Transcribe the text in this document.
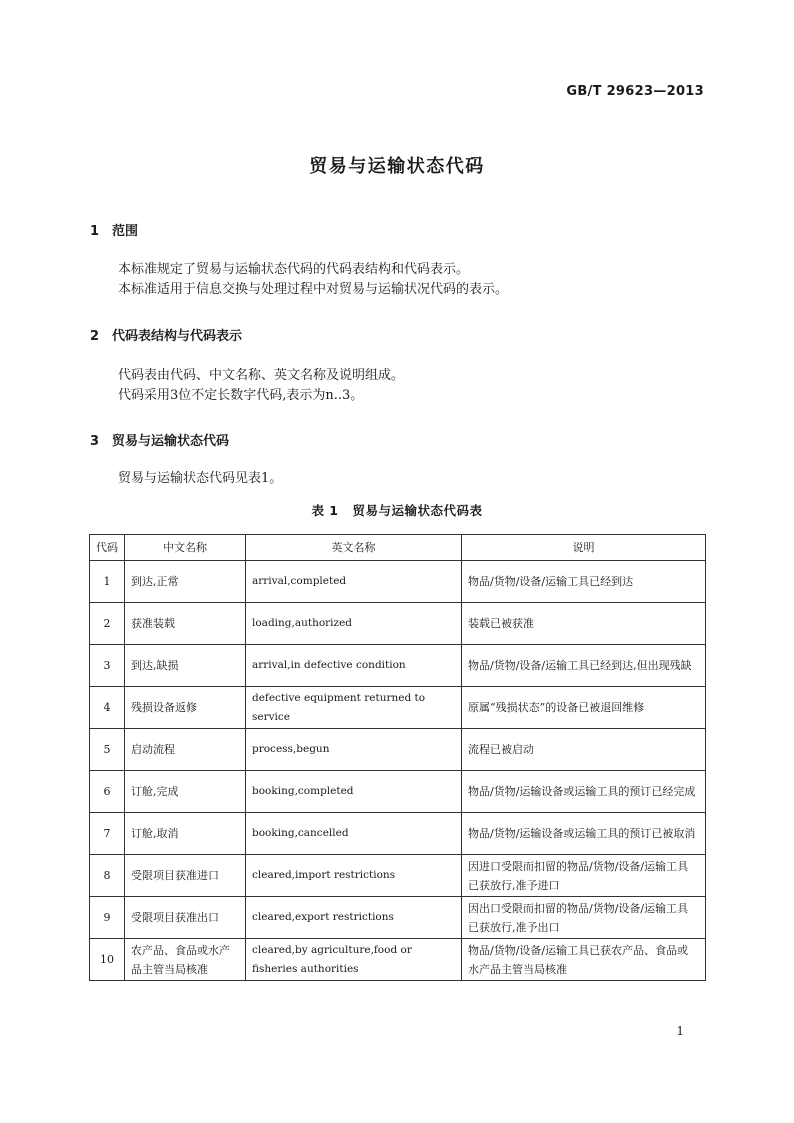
GB/T 29623—2013
贸易与运输状态代码
1 范围

本标准规定了贸易与运输状态代码的代码表结构和代码表示。

本标准适用于信息交换与处理过程中对贸易与运输状况代码的表示。

2 代码表结构与代码表示

代码表由代码、中文名称、英文名称及说明组成。

代码采用3位不定长数字代码,表示为n..3。

3 贸易与运输状态代码

贸易与运输状态代码见表1。

表 1 贸易与运输状态代码表
代码	中文名称	英文名称	说明
1	到达,正常	arrival,completed	物品/货物/设备/运输工具已经到达
2	获准装载	loading,authorized	装载已被获准
3	到达,缺损	arrival,in defective condition	物品/货物/设备/运输工具已经到达,但出现残缺
4	残损设备返修	defective equipment returned to service	原属“残损状态”的设备已被退回维修
5	启动流程	process,begun	流程已被启动
6	订舱,完成	booking,completed	物品/货物/运输设备或运输工具的预订已经完成
7	订舱,取消	booking,cancelled	物品/货物/运输设备或运输工具的预订已被取消
8	受限项目获准进口	cleared,import restrictions	因进口受限而扣留的物品/货物/设备/运输工具已获放行,准予进口
9	受限项目获准出口	cleared,export restrictions	因出口受限而扣留的物品/货物/设备/运输工具已获放行,准予出口
10	农产品、食品或水产品主管当局核准	cleared,by agriculture,food or fisheries authorities	物品/货物/设备/运输工具已获农产品、食品或水产品主管当局核准
1
